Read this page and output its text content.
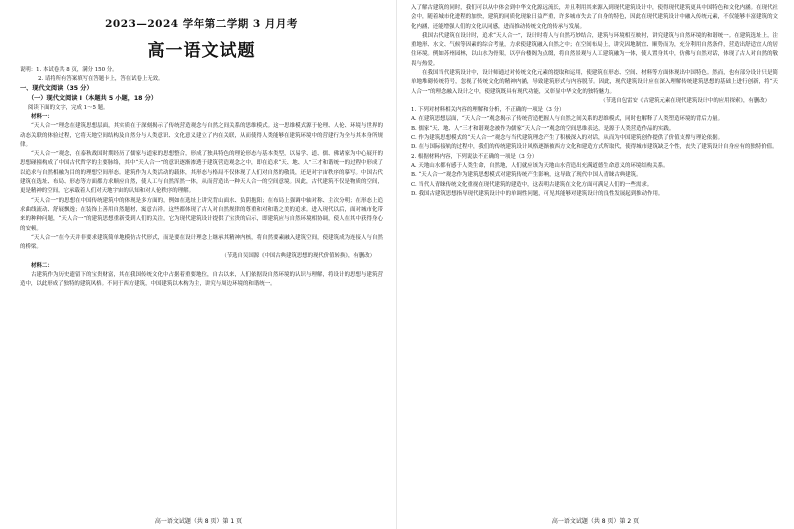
2023—2024 学年第二学期 3 月月考

高一语文试题

说明：1. 本试卷共 8 页，满分 150 分。

2. 请将所有答案填写在答题卡上，答在试卷上无效。

一、现代文阅读（35 分）

（一）现代文阅读 I（本题共 5 小题，18 分）

阅读下面的文字，完成 1～5 题。

材料一：

“天人合一”理念在建筑思想层面，其实质在于深刻揭示了传统营造观念与自然之间关系的思维模式。这一思维模式源于伦理、人伦、环境与世界的动态关联的体验过程，它将天地空间结构及自然分与人类意识、文化意义建立了内在关联，从而使得人类能够在建筑环境中的营建行为全与其本身所规律。

“天人合一”观念，在泰秋战国时期经历了儒家与道家的思想整合，形成了独具特色的理论形态与基本类型，以易学、道、儒、佛诸家为中心展开的思想碰撞构成了中国古代哲学的主要脉络，其中“天人合一”的意识逐渐渗透于建筑营造观念之中，即在追求“天、地、人”三才和谐统一的过程中形成了以追求与自然相融为目的的理想空间形态。建筑作为人类活动的载体，其形态与格局不仅体现了人们对自然的敬畏，还是对宇宙秩序的摹写。中国古代建筑在选址、布局、形态等方面都力求顺应自然，使人工与自然浑然一体，从而营造出一种天人合一的空间意境。因此，古代建筑不仅是物质的空间，更是精神的空间，它承载着人们对天地宇宙的认知和对人伦秩序的理解。

“天人合一”的思想在中国传统建筑中的体现是多方面的，例如在选址上讲究背山面水、负阴抱阳；在布局上强调中轴对称、主次分明；在形态上追求曲线流动、舒展飘逸；在装饰上善用自然题材，寓意吉祥。这些都体现了古人对自然规律的尊重和对和谐之美的追求。进入现代以后，面对城市化带来的种种问题，“天人合一”的建筑思想重新受到人们的关注，它为现代建筑设计提供了宝贵的启示，即建筑应与自然环境相协调，使人在其中获得身心的安顿。

“天人合一”在今天并非要求建筑简单地模仿古代形式，而是要在设计理念上继承其精神内核，将自然要素融入建筑空间，使建筑成为连接人与自然的桥梁。

（节选自吴国源《中国古典建筑思想的现代价值转换》，有删改）

材料二：

古建筑作为历史遗留下的宝贵财富，其在我国传统文化中占据着重要地位，自古以来，人们依据设自然环境的认识与理解，将设计的思想与建筑营造中，以此形成了独特的建筑风格。不同于西方建筑，中国建筑以木构为主，讲究与周边环境的和谐统一。

高一语文试题（共 8 页）第 1 页

入了解古建筑的同时，我们可以从中体会到中华文化源远流长，并且利用其来源入到现代建筑设计中，使得现代建筑更具中国特色和文化内涵。在现代社会中，随着城市化进程的加快，建筑的同质化现象日益严重，许多城市失去了自身的特色，因此在现代建筑设计中融入传统元素，不仅能够丰富建筑的文化内涵，还能增强人们的文化认同感，进而推动传统文化的传承与发展。

我国古代建筑在设计时，追求“天人合一”，设计时将人与自然巧妙结合，建筑与环境相互映衬，讲究建筑与自然环境的和谐统一。在建筑选址上，注重地形、水文、气候等因素的综合考量，力求使建筑融入自然之中；在空间布局上，讲究因地制宜、顺势而为，充分利用自然条件，营造出舒适宜人的居住环境。例如苏州园林，以山水为骨架，以亭台楼阁为点缀，将自然景观与人工建筑融为一体，使人置身其中，仿佛与自然对话，体现了古人对自然的敬畏与热爱。

在我国当代建筑设计中，设计师通过对传统文化元素的提取和运用，使建筑在形态、空间、材料等方面体现出中国特色。然而，也有部分设计只是简单地堆砌传统符号，忽视了传统文化的精神内涵，导致建筑形式与内容脱节。因此，现代建筑设计应在深入理解传统建筑思想的基础上进行创新，将“天人合一”的理念融入设计之中，使建筑既具有现代功能，又彰显中华文化的独特魅力。

（节选自包雷安《古建筑元素在现代建筑设计中的应用探索》，有删改）

1. 下列对材料相关内容的理解和分析，不正确的一项是（3 分）

A. 在建筑思想层面，“天人合一”观念揭示了传统营造把握人与自然之间关系的思维模式，同时也解释了人类塑造环境的背后力量。

B. 儒家“天、地、人”三才和谐观念被作为儒家“天人合一”观念的空间思维表达，是源于人类营造作品的实践。

C. 作为建筑思想模式的“天人合一”观念与当代建筑理念产生了积极深入的对话，从而为中国建筑创作提供了价值支撑与理论依据。

D. 在与国际接轨的过程中，我们的传统建筑设计风格逐渐被西方文化和建造方式所取代，使得城市建筑缺乏个性，丧失了建筑设计自身应有的独特价值。

2. 根据材料内容，下列说法不正确的一项是（3 分）

A. 天地山水都有感于人类生命，自然地，人们就应该为天地山水营造出充满道德生命意义的环境结构关系。

B. “天人合一”观念作为建筑思想模式对建筑传统产生影响，这导致了现代中国人青睐古典建筑。

C. 当代人青睐传统文化重视在现代建筑的建造中，这表明古建筑在文化方面可满足人们的一些需求。

D. 我国古建筑思想指导现代建筑设计中的单调性问题，可见其能够对建筑设计的良性发展起到推动作用。

高一语文试题（共 8 页）第 2 页
